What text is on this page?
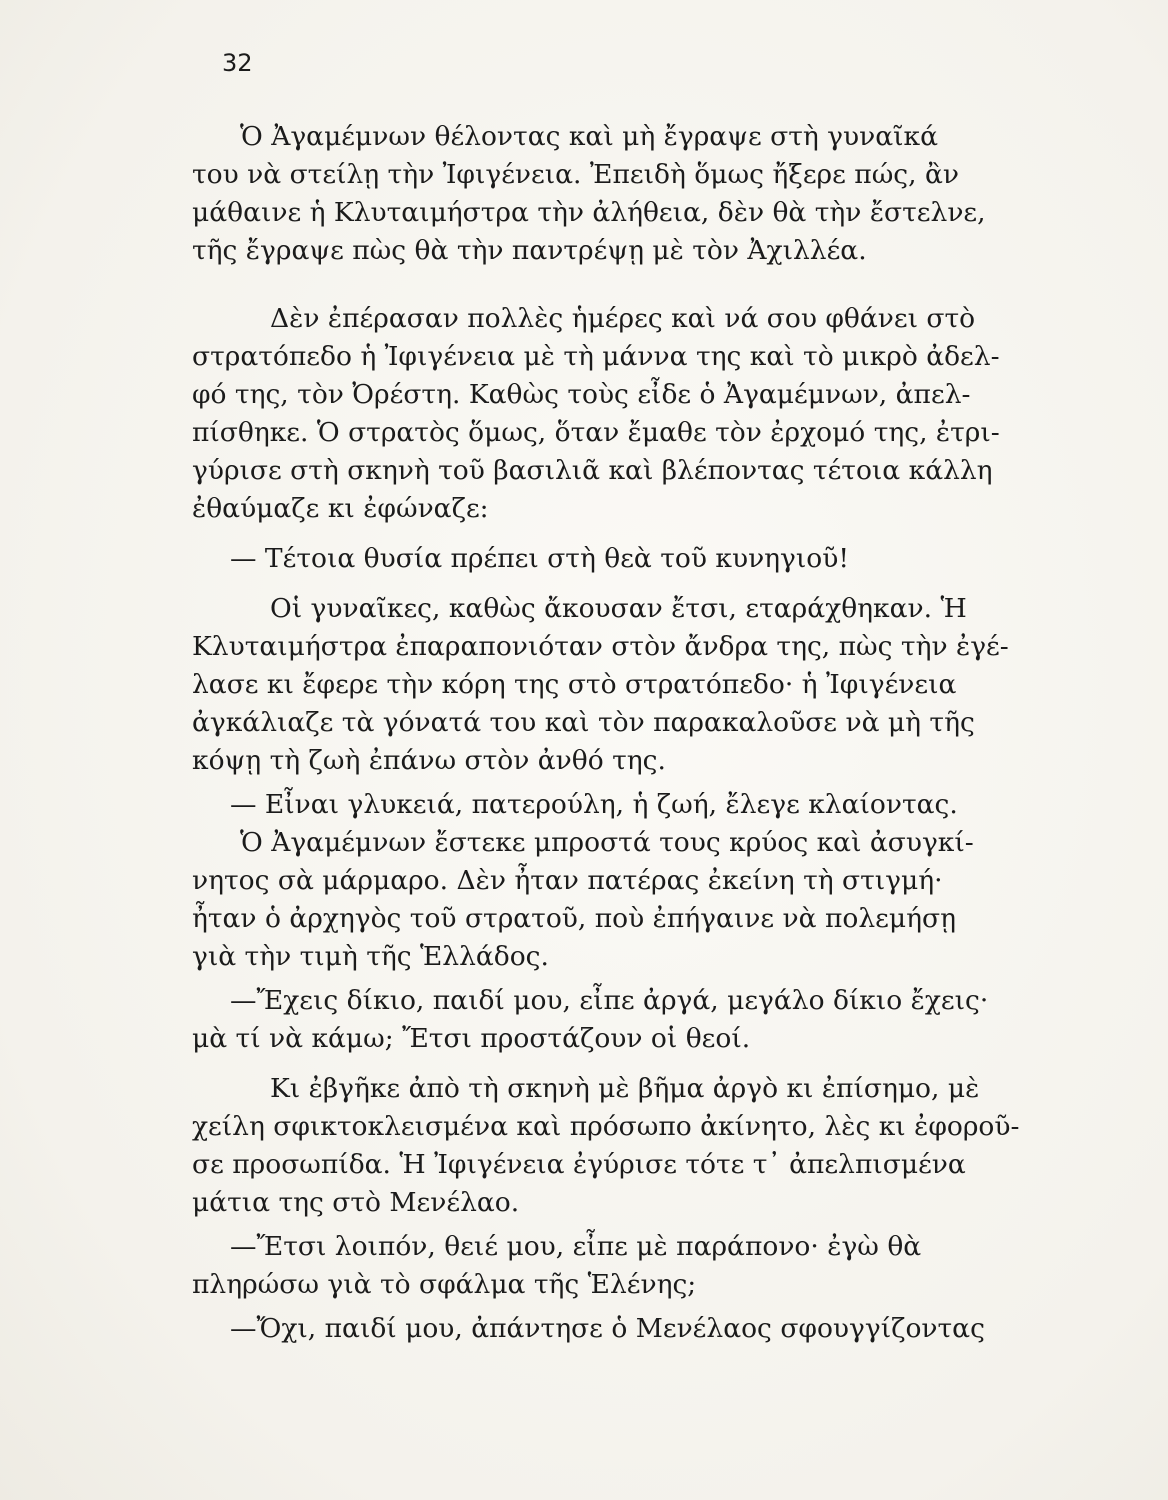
32
Ὁ Ἀγαμέμνων θέλοντας καὶ μὴ ἔγραψε στὴ γυναῖκά
του νὰ στείλῃ τὴν Ἰφιγένεια. Ἐπειδὴ ὅμως ἤξερε πώς, ἂν
μάθαινε ἡ Κλυταιμήστρα τὴν ἀλήθεια, δὲν θὰ τὴν ἔστελνε,
τῆς ἔγραψε πὼς θὰ τὴν παντρέψῃ μὲ τὸν Ἀχιλλέα.
Δὲν ἐπέρασαν πολλὲς ἡμέρες καὶ νά σου φθάνει στὸ
στρατόπεδο ἡ Ἰφιγένεια μὲ τὴ μάννα της καὶ τὸ μικρὸ ἀδελ-
φό της, τὸν Ὀρέστη. Καθὼς τοὺς εἶδε ὁ Ἀγαμέμνων, ἀπελ-
πίσθηκε. Ὁ στρατὸς ὅμως, ὅταν ἔμαθε τὸν ἐρχομό της, ἐτρι-
γύρισε στὴ σκηνὴ τοῦ βασιλιᾶ καὶ βλέποντας τέτοια κάλλη
ἐθαύμαζε κι ἐφώναζε:
— Τέτοια θυσία πρέπει στὴ θεὰ τοῦ κυνηγιοῦ!
Οἱ γυναῖκες, καθὼς ἄκουσαν ἔτσι, εταράχθηκαν. Ἡ
Κλυταιμήστρα ἐπαραπονιόταν στὸν ἄνδρα της, πὼς τὴν ἐγέ-
λασε κι ἔφερε τὴν κόρη της στὸ στρατόπεδο· ἡ Ἰφιγένεια
ἀγκάλιαζε τὰ γόνατά του καὶ τὸν παρακαλοῦσε νὰ μὴ τῆς
κόψῃ τὴ ζωὴ ἐπάνω στὸν ἀνθό της.
— Εἶναι γλυκειά, πατερούλη, ἡ ζωή, ἔλεγε κλαίοντας.
Ὁ Ἀγαμέμνων ἔστεκε μπροστά τους κρύος καὶ ἀσυγκί-
νητος σὰ μάρμαρο. Δὲν ἦταν πατέρας ἐκείνη τὴ στιγμή·
ἦταν ὁ ἀρχηγὸς τοῦ στρατοῦ, ποὺ ἐπήγαινε νὰ πολεμήσῃ
γιὰ τὴν τιμὴ τῆς Ἑλλάδος.
—Ἔχεις δίκιο, παιδί μου, εἶπε ἀργά, μεγάλο δίκιο ἔχεις·
μὰ τί νὰ κάμω; Ἔτσι προστάζουν οἱ θεοί.
Κι ἐβγῆκε ἀπὸ τὴ σκηνὴ μὲ βῆμα ἀργὸ κι ἐπίσημο, μὲ
χείλη σφικτοκλεισμένα καὶ πρόσωπο ἀκίνητο, λὲς κι ἐφοροῦ-
σε προσωπίδα. Ἡ Ἰφιγένεια ἐγύρισε τότε τ᾽ ἀπελπισμένα
μάτια της στὸ Μενέλαο.
—Ἔτσι λοιπόν, θειέ μου, εἶπε μὲ παράπονο· ἐγὼ θὰ
πληρώσω γιὰ τὸ σφάλμα τῆς Ἑλένης;
—Ὄχι, παιδί μου, ἀπάντησε ὁ Μενέλαος σφουγγίζοντας
